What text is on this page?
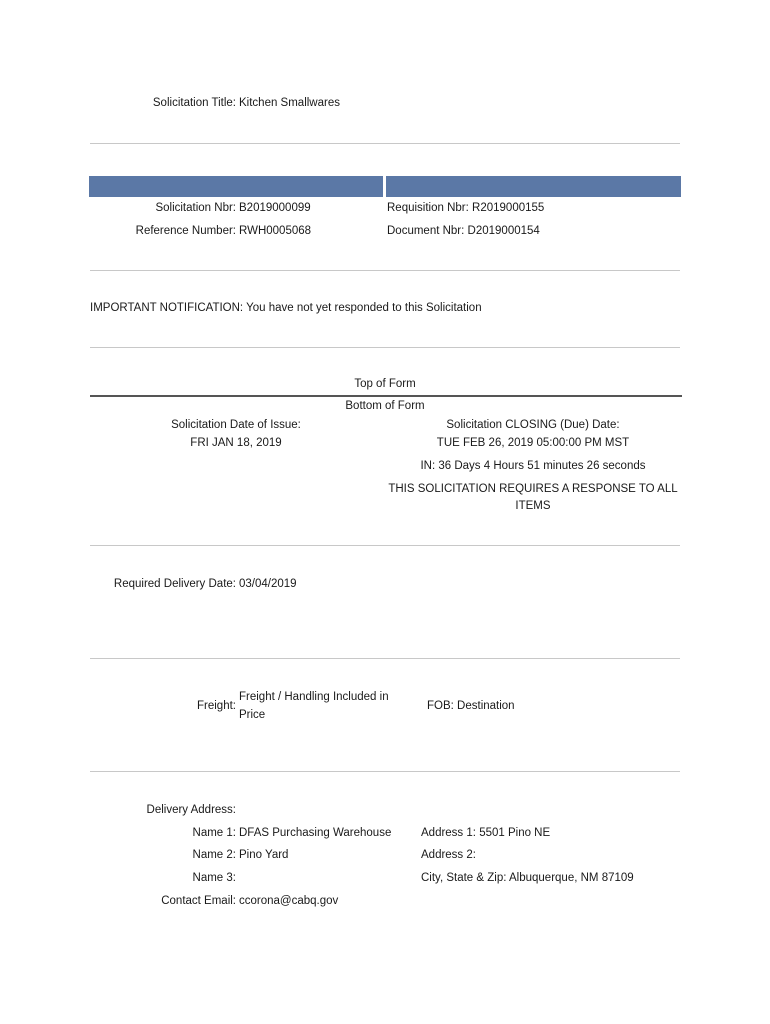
Solicitation Title: Kitchen Smallwares
Solicitation Nbr: B2019000099
Reference Number: RWH0005068
Requisition Nbr: R2019000155
Document Nbr: D2019000154
IMPORTANT NOTIFICATION: You have not yet responded to this Solicitation
Top of Form
Bottom of Form
Solicitation Date of Issue:
FRI JAN 18, 2019
Solicitation CLOSING (Due) Date:
TUE FEB 26, 2019 05:00:00 PM MST
IN: 36 Days 4 Hours 51 minutes 26 seconds
THIS SOLICITATION REQUIRES A RESPONSE TO ALL
ITEMS
Required Delivery Date: 03/04/2019
Freight:
Freight / Handling Included in
Price
FOB: Destination
Delivery Address:
Name 1: DFAS Purchasing Warehouse
Name 2: Pino Yard
Name 3:
Contact Email: ccorona@cabq.gov
Address 1: 5501 Pino NE
Address 2:
City, State & Zip: Albuquerque, NM 87109
